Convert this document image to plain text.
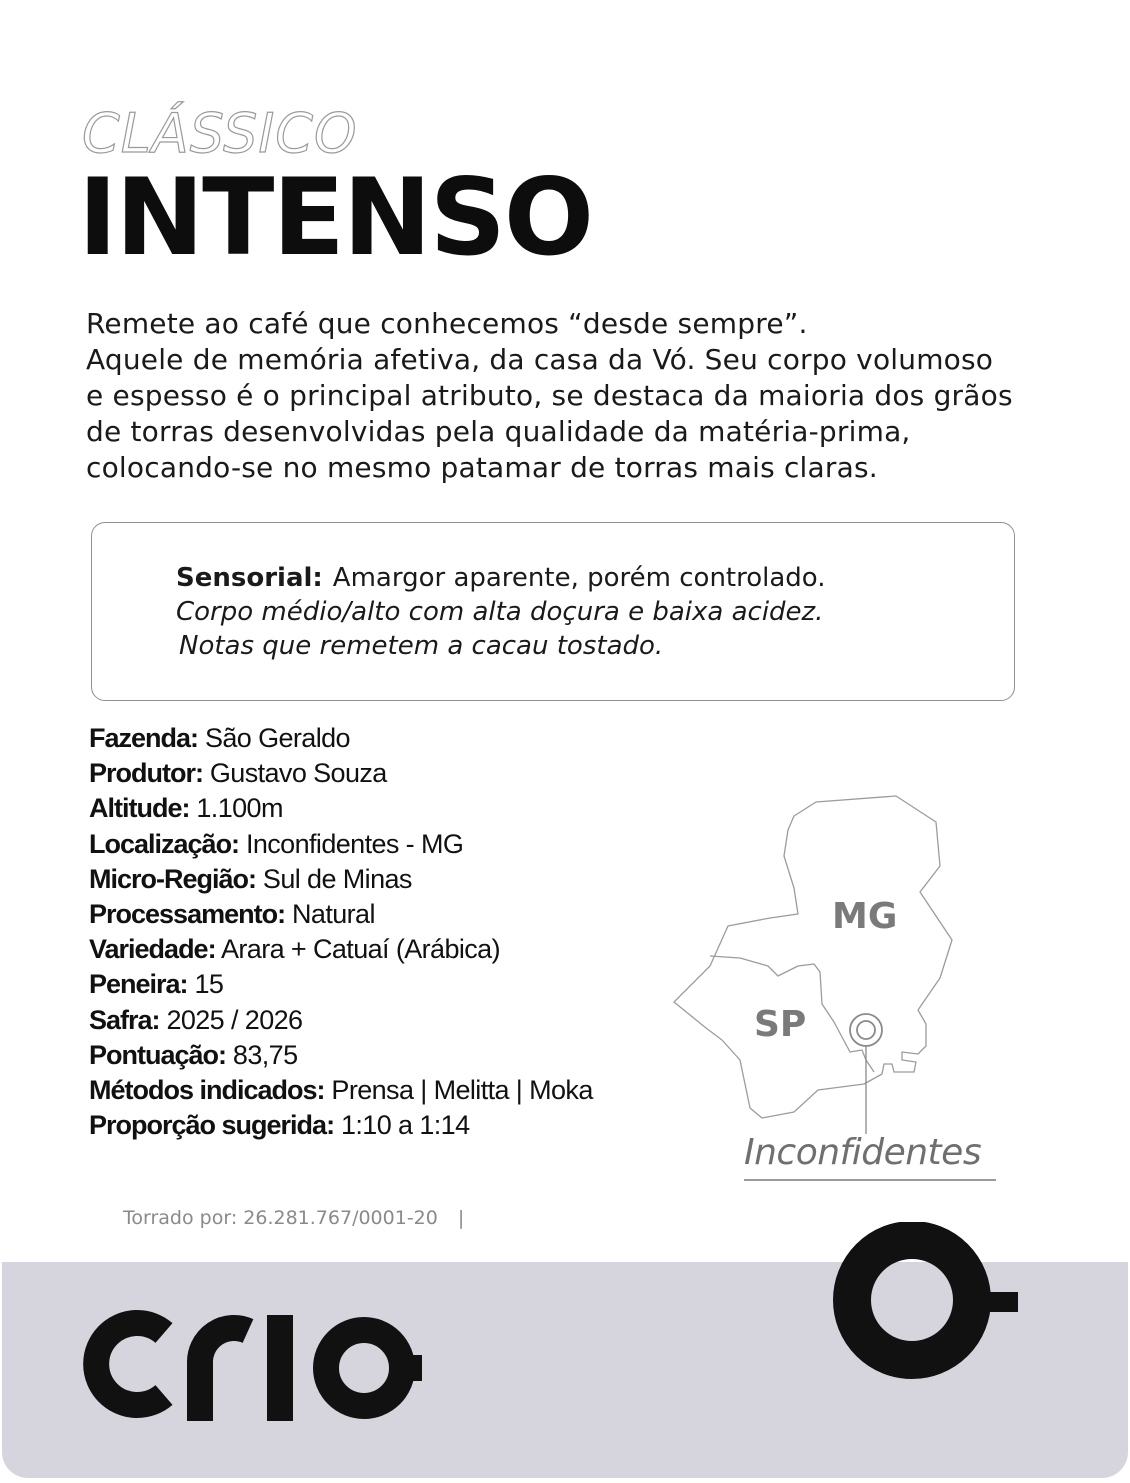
CLÁSSICO
INTENSO

Remete ao café que conhecemos “desde sempre”.

Aquele de memória afetiva, da casa da Vó. Seu corpo volumoso

e espesso é o principal atributo, se destaca da maioria dos grãos

de torras desenvolvidas pela qualidade da matéria-prima,

colocando-se no mesmo patamar de torras mais claras.

Sensorial: Amargor aparente, porém controlado.
Corpo médio/alto com alta doçura e baixa acidez.
Notas que remetem a cacau tostado.
Fazenda: São Geraldo
Produtor: Gustavo Souza
Altitude: 1.100m
Localização: Inconfidentes - MG
Micro-Região: Sul de Minas
Processamento: Natural
Variedade: Arara + Catuaí (Arábica)
Peneira: 15
Safra: 2025 / 2026
Pontuação: 83,75
Métodos indicados: Prensa | Melitta | Moka
Proporção sugerida: 1:10 a 1:14
MG
SP
Inconfidentes
Torrado por: 26.281.767/0001-20 |
